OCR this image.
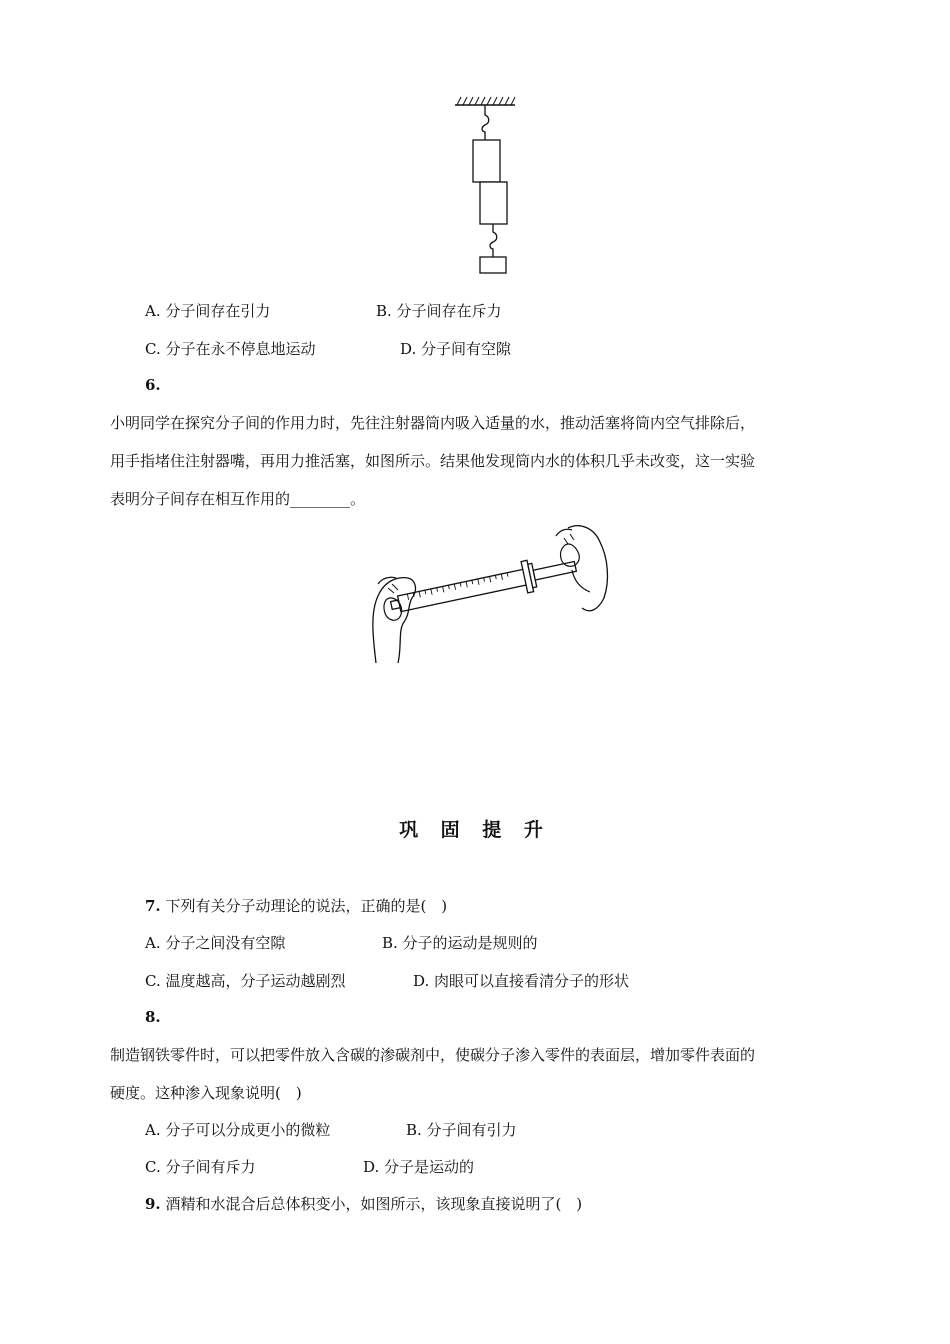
A. 分子间存在引力	B. 分子间存在斥力
C. 分子在永不停息地运动	D. 分子间有空隙
6.
小明同学在探究分子间的作用力时，先往注射器筒内吸入适量的水，推动活塞将筒内空气排除后，
用手指堵住注射器嘴，再用力推活塞，如图所示。结果他发现筒内水的体积几乎未改变，这一实验
表明分子间存在相互作用的________。
巩 固 提 升
7. 下列有关分子动理论的说法，正确的是(　)
A. 分子之间没有空隙	B. 分子的运动是规则的
C. 温度越高，分子运动越剧烈	D. 肉眼可以直接看清分子的形状
8.
制造钢铁零件时，可以把零件放入含碳的渗碳剂中，使碳分子渗入零件的表面层，增加零件表面的
硬度。这种渗入现象说明(　)
A. 分子可以分成更小的微粒	B. 分子间有引力
C. 分子间有斥力	D. 分子是运动的
9. 酒精和水混合后总体积变小，如图所示，该现象直接说明了(　)
